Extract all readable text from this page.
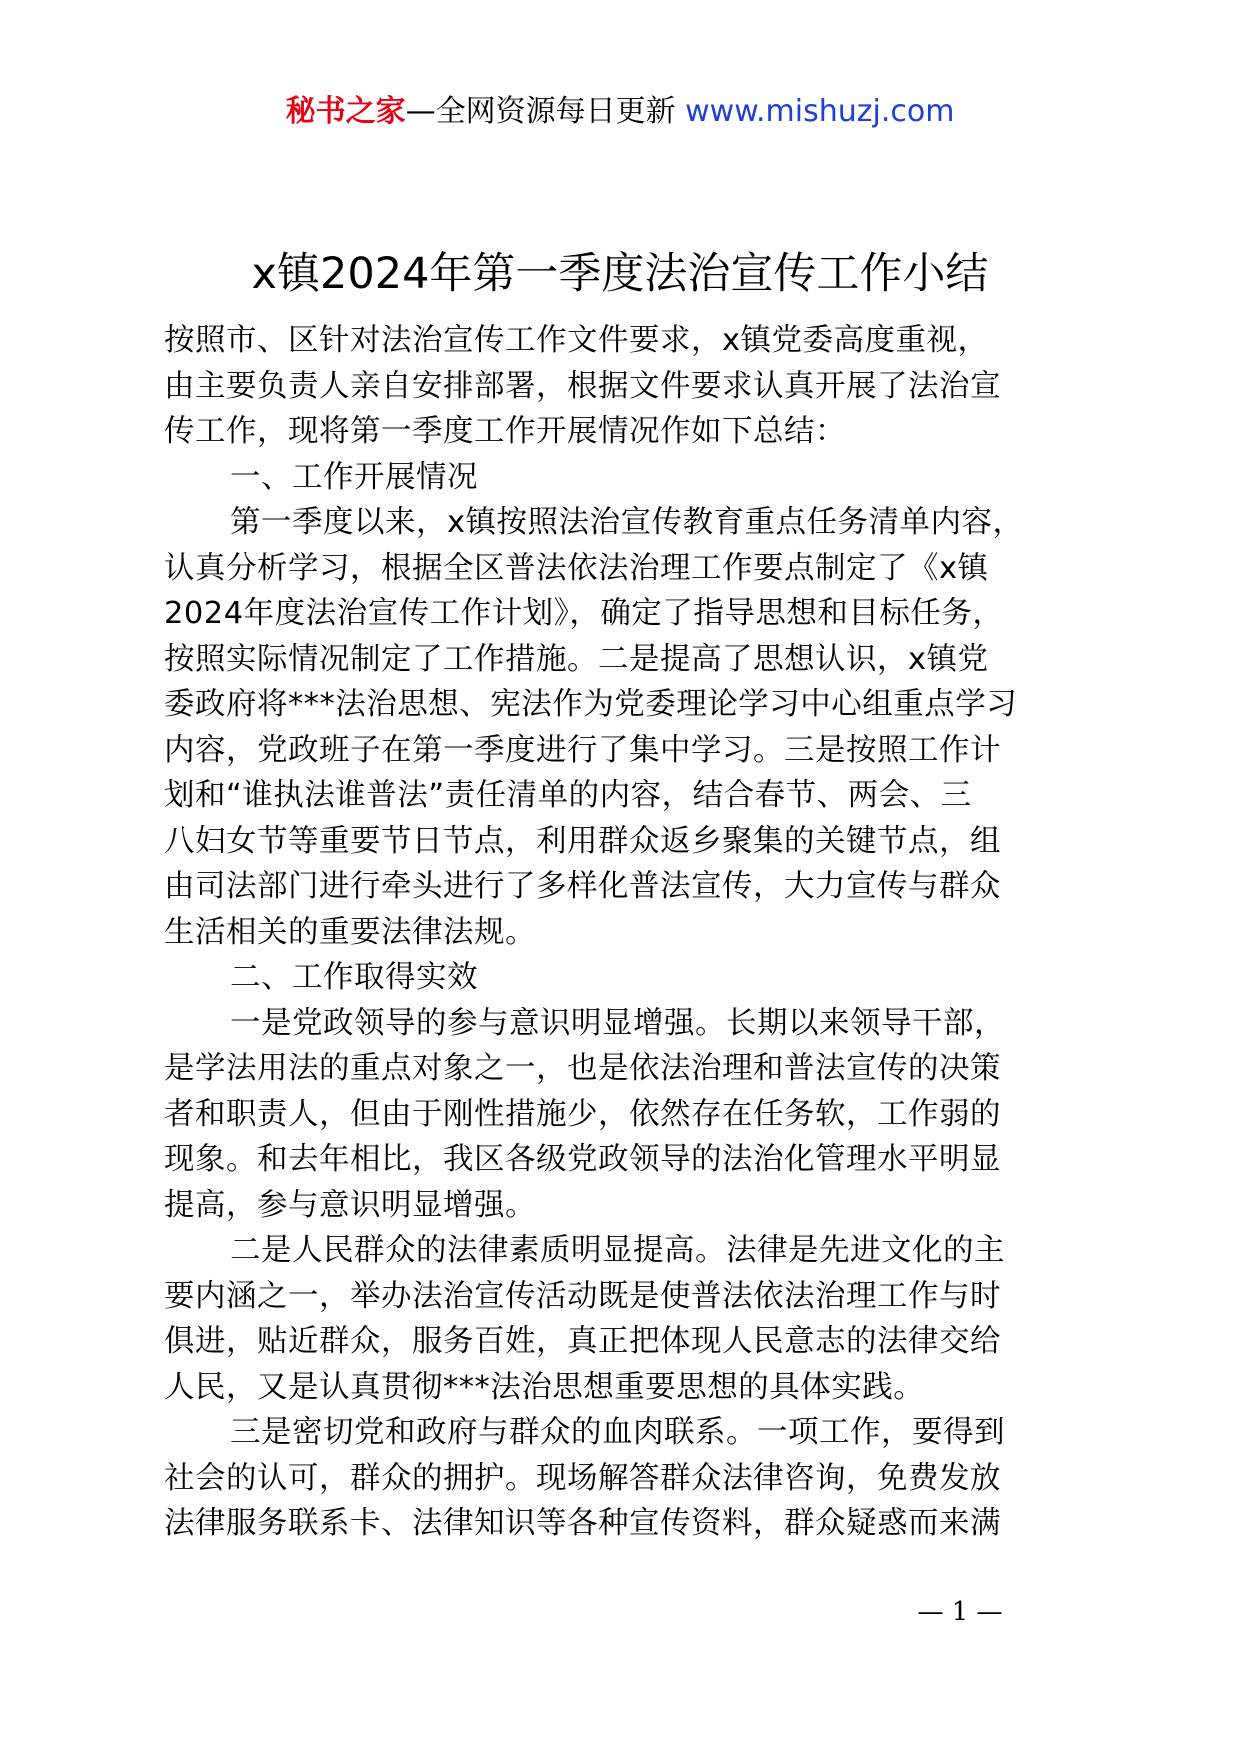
秘书之家—全网资源每日更新 www.mishuzj.com
x镇2024年第一季度法治宣传工作小结
按照市、区针对法治宣传工作文件要求，x镇党委高度重视，
由主要负责人亲自安排部署，根据文件要求认真开展了法治宣
传工作，现将第一季度工作开展情况作如下总结：
一、工作开展情况
第一季度以来，x镇按照法治宣传教育重点任务清单内容，
认真分析学习，根据全区普法依法治理工作要点制定了《x镇
2024年度法治宣传工作计划》，确定了指导思想和目标任务，
按照实际情况制定了工作措施。二是提高了思想认识，x镇党
委政府将***法治思想、宪法作为党委理论学习中心组重点学习
内容，党政班子在第一季度进行了集中学习。三是按照工作计
划和“谁执法谁普法”责任清单的内容，结合春节、两会、三
八妇女节等重要节日节点，利用群众返乡聚集的关键节点，组
由司法部门进行牵头进行了多样化普法宣传，大力宣传与群众
生活相关的重要法律法规。
二、工作取得实效
一是党政领导的参与意识明显增强。长期以来领导干部，
是学法用法的重点对象之一，也是依法治理和普法宣传的决策
者和职责人，但由于刚性措施少，依然存在任务软，工作弱的
现象。和去年相比，我区各级党政领导的法治化管理水平明显
提高，参与意识明显增强。
二是人民群众的法律素质明显提高。法律是先进文化的主
要内涵之一，举办法治宣传活动既是使普法依法治理工作与时
俱进，贴近群众，服务百姓，真正把体现人民意志的法律交给
人民，又是认真贯彻***法治思想重要思想的具体实践。
三是密切党和政府与群众的血肉联系。一项工作，要得到
社会的认可，群众的拥护。现场解答群众法律咨询，免费发放
法律服务联系卡、法律知识等各种宣传资料，群众疑惑而来满
— 1 —
